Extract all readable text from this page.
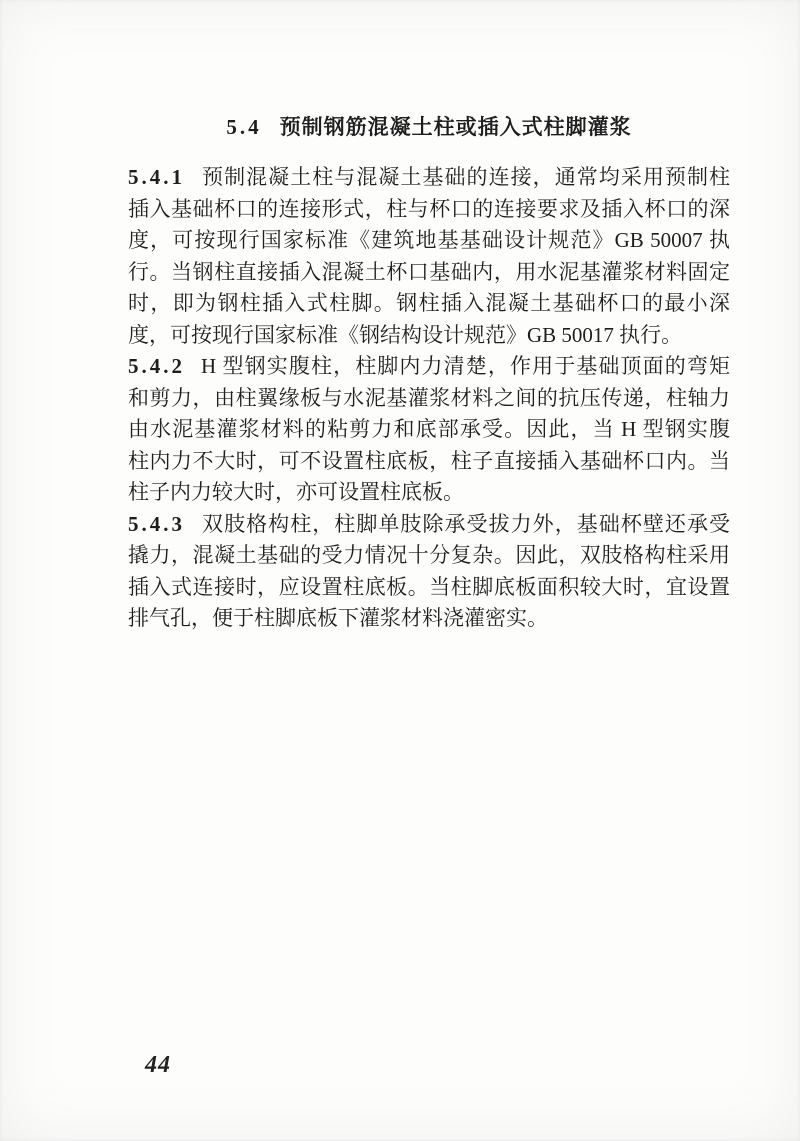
5.4 预制钢筋混凝土柱或插入式柱脚灌浆
5.4.1 预制混凝土柱与混凝土基础的连接，通常均采用预制柱
插入基础杯口的连接形式，柱与杯口的连接要求及插入杯口的深
度，可按现行国家标准《建筑地基基础设计规范》GB 50007 执
行。当钢柱直接插入混凝土杯口基础内，用水泥基灌浆材料固定
时，即为钢柱插入式柱脚。钢柱插入混凝土基础杯口的最小深
度，可按现行国家标准《钢结构设计规范》GB 50017 执行。
5.4.2 H 型钢实腹柱，柱脚内力清楚，作用于基础顶面的弯矩
和剪力，由柱翼缘板与水泥基灌浆材料之间的抗压传递，柱轴力
由水泥基灌浆材料的粘剪力和底部承受。因此，当 H 型钢实腹
柱内力不大时，可不设置柱底板，柱子直接插入基础杯口内。当
柱子内力较大时，亦可设置柱底板。
5.4.3 双肢格构柱，柱脚单肢除承受拔力外，基础杯壁还承受
撬力，混凝土基础的受力情况十分复杂。因此，双肢格构柱采用
插入式连接时，应设置柱底板。当柱脚底板面积较大时，宜设置
排气孔，便于柱脚底板下灌浆材料浇灌密实。
44
